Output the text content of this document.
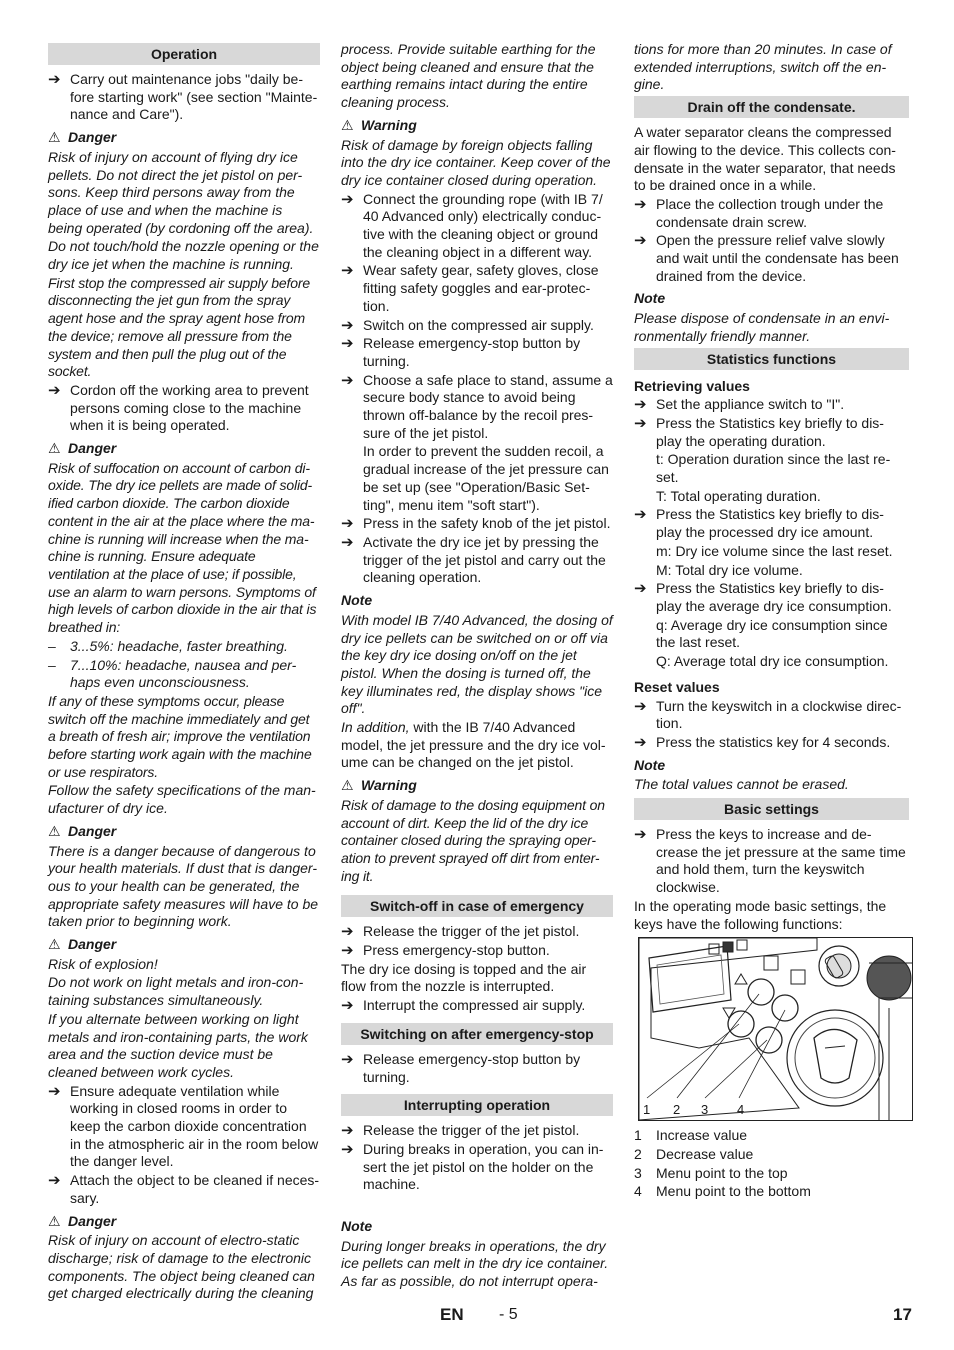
Operation
➔ Carry out maintenance jobs "daily be-fore starting work" (see section "Mainte-nance and Care").
⚠ Danger

Risk of injury on account of flying dry ice pellets. Do not direct the jet pistol on per-sons. Keep third persons away from the place of use and when the machine is being operated (by cordoning off the area).

Do not touch/hold the nozzle opening or the dry ice jet when the machine is running.

First stop the compressed air supply before disconnecting the jet gun from the spray agent hose and the spray agent hose from the device; remove all pressure from the system and then pull the plug out of the socket.

➔ Cordon off the working area to prevent persons coming close to the machine when it is being operated.
⚠ Danger

Risk of suffocation on account of carbon di-oxide. The dry ice pellets are made of solid-ified carbon dioxide. The carbon dioxide content in the air at the place where the ma-chine is running will increase when the ma-chine is running. Ensure adequate ventilation at the place of use; if possible, use an alarm to warn persons. Symptoms of high levels of carbon dioxide in the air that is breathed in:

–	3...5%: headache, faster breathing.
–	7...10%: headache, nausea and per-haps even unconsciousness.

If any of these symptoms occur, please switch off the machine immediately and get a breath of fresh air; improve the ventilation before starting work again with the machine or use respirators.

Follow the safety specifications of the man-ufacturer of dry ice.

⚠ Danger

There is a danger because of dangerous to your health materials. If dust that is danger-ous to your health can be generated, the appropriate safety measures will have to be taken prior to beginning work.

⚠ Danger

Risk of explosion!

Do not work on light metals and iron-con-taining substances simultaneously.

If you alternate between working on light metals and iron-containing parts, the work area and the suction device must be cleaned between work cycles.

➔ Ensure adequate ventilation while working in closed rooms in order to keep the carbon dioxide concentration in the atmospheric air in the room below the danger level.
➔ Attach the object to be cleaned if neces-sary.
⚠ Danger

Risk of injury on account of electro-static discharge; risk of damage to the electronic components. The object being cleaned can get charged electrically during the cleaning

process. Provide suitable earthing for the object being cleaned and ensure that the earthing remains intact during the entire cleaning process.

⚠ Warning

Risk of damage by foreign objects falling into the dry ice container. Keep cover of the dry ice container closed during operation.

➔ Connect the grounding rope (with IB 7/ 40 Advanced only) electrically conduc-tive with the cleaning object or ground the cleaning object in a different way.
➔ Wear safety gear, safety gloves, close fitting safety goggles and ear-protec-tion.
➔ Switch on the compressed air supply.
➔ Release emergency-stop button by turning.
➔ Choose a safe place to stand, assume a secure body stance to avoid being thrown off-balance by the recoil pres-sure of the jet pistol.
In order to prevent the sudden recoil, a gradual increase of the jet pressure can be set up (see "Operation/Basic Set-ting", menu item "soft start").
➔ Press in the safety knob of the jet pistol.
➔ Activate the dry ice jet by pressing the trigger of the jet pistol and carry out the cleaning operation.
Note

With model IB 7/40 Advanced, the dosing of dry ice pellets can be switched on or off via the key dry ice dosing on/off on the jet pistol. When the dosing is turned off, the key illuminates red, the display shows "ice off".

In addition, with the IB 7/40 Advanced model, the jet pressure and the dry ice vol-ume can be changed on the jet pistol.

⚠ Warning

Risk of damage to the dosing equipment on account of dirt. Keep the lid of the dry ice container closed during the spraying oper-ation to prevent sprayed off dirt from enter-ing it.

Switch-off in case of emergency
➔ Release the trigger of the jet pistol.
➔ Press emergency-stop button.

The dry ice dosing is topped and the air flow from the nozzle is interrupted.

➔ Interrupt the compressed air supply.
Switching on after emergency-stop
➔ Release emergency-stop button by turning.
Interrupting operation
➔ Release the trigger of the jet pistol.
➔ During breaks in operation, you can in-sert the jet pistol on the holder on the machine.
Note

During longer breaks in operations, the dry ice pellets can melt in the dry ice container. As far as possible, do not interrupt opera-

tions for more than 20 minutes. In case of extended interruptions, switch off the en-gine.

Drain off the condensate.

A water separator cleans the compressed air flowing to the device. This collects con-densate in the water separator, that needs to be drained once in a while.

➔ Place the collection trough under the condensate drain screw.
➔ Open the pressure relief valve slowly and wait until the condensate has been drained from the device.
Note

Please dispose of condensate in an envi-ronmentally friendly manner.

Statistics functions
Retrieving values
➔ Set the appliance switch to "I".
➔ Press the Statistics key briefly to dis-play the operating duration.
t: Operation duration since the last re-set.
T: Total operating duration.
➔ Press the Statistics key briefly to dis-play the processed dry ice amount.
m: Dry ice volume since the last reset.
M: Total dry ice volume.
➔ Press the Statistics key briefly to dis-play the average dry ice consumption.
q: Average dry ice consumption since the last reset.
Q: Average total dry ice consumption.
Reset values
➔ Turn the keyswitch in a clockwise direc-tion.
➔ Press the statistics key for 4 seconds.
Note

The total values cannot be erased.

Basic settings
➔ Press the keys to increase and de-crease the jet pressure at the same time and hold them, turn the keyswitch clockwise.

In the operating mode basic settings, the keys have the following functions:

1 2 3 4
1	Increase value
2	Decrease value
3	Menu point to the top
4	Menu point to the bottom
EN - 5	17
